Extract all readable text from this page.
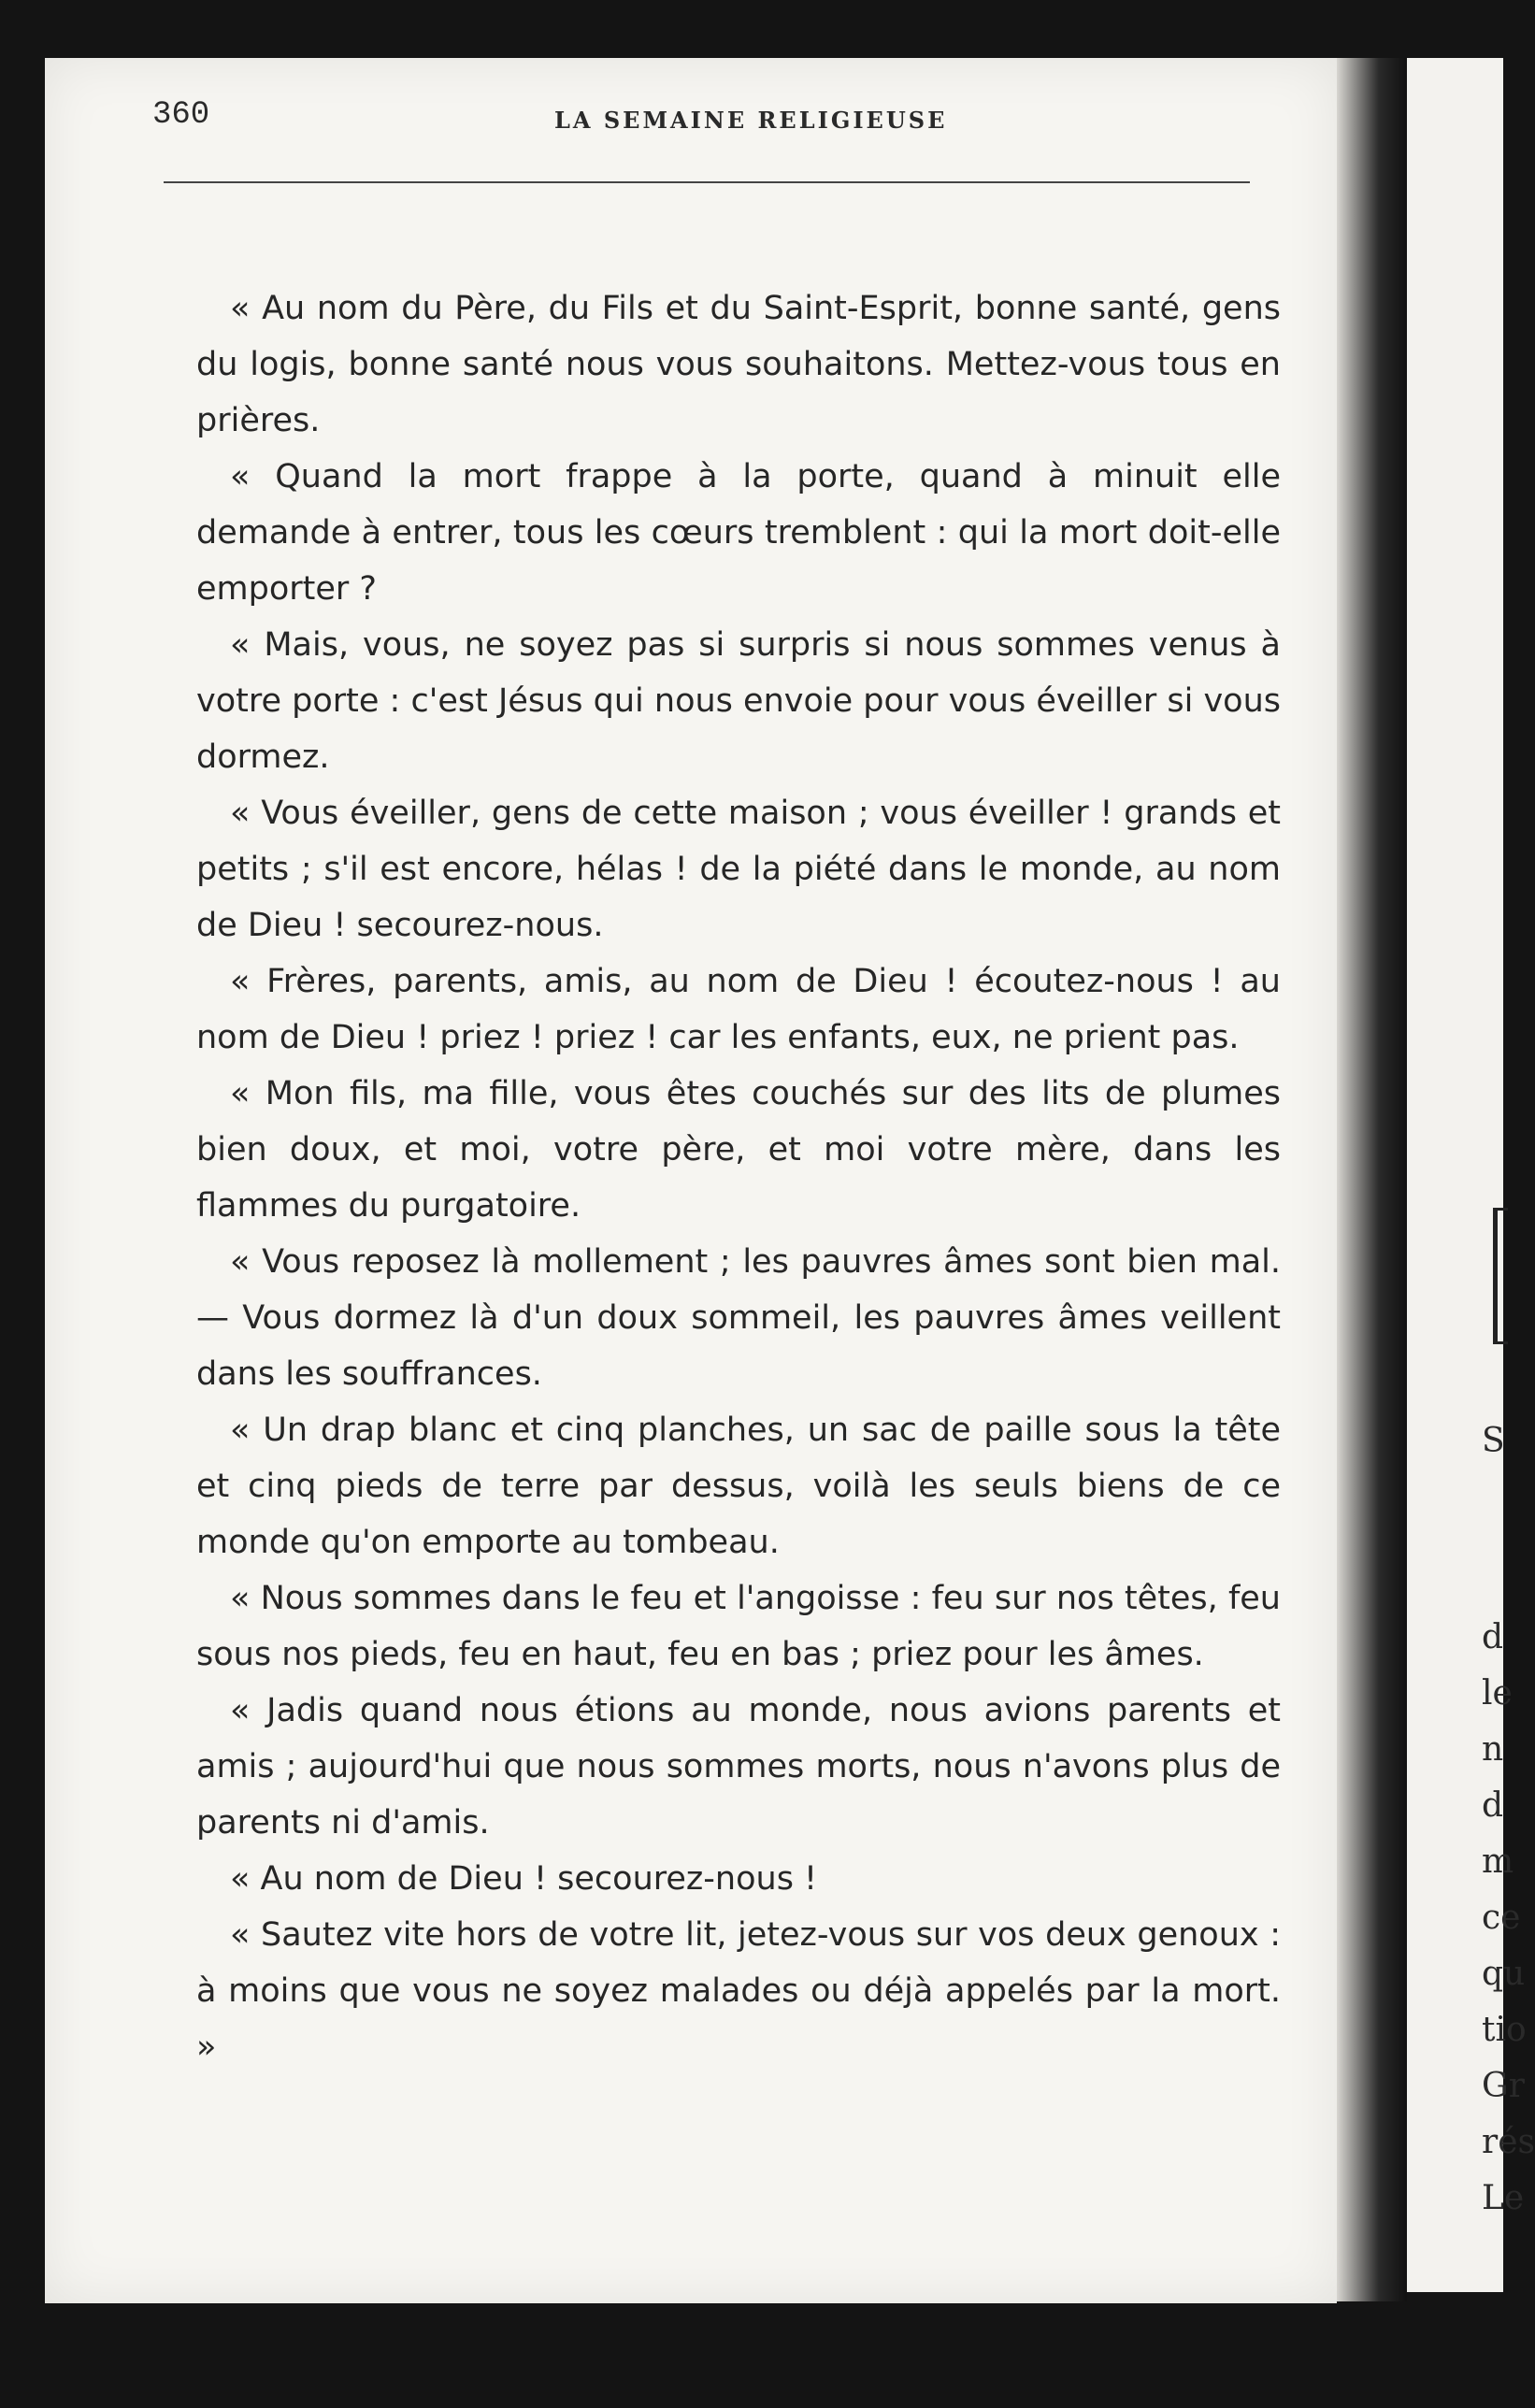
360	LA SEMAINE RELIGIEUSE

« Au nom du Père, du Fils et du Saint-Esprit, bonne santé, gens du logis, bonne santé nous vous souhaitons. Mettez-vous tous en prières.

« Quand la mort frappe à la porte, quand à minuit elle demande à entrer, tous les cœurs tremblent : qui la mort doit-elle emporter ?

« Mais, vous, ne soyez pas si surpris si nous sommes venus à votre porte : c'est Jésus qui nous envoie pour vous éveiller si vous dormez.

« Vous éveiller, gens de cette maison ; vous éveiller ! grands et petits ; s'il est encore, hélas ! de la piété dans le monde, au nom de Dieu ! secourez-nous.

« Frères, parents, amis, au nom de Dieu ! écoutez-nous ! au nom de Dieu ! priez ! priez ! car les enfants, eux, ne prient pas.

« Mon fils, ma fille, vous êtes couchés sur des lits de plumes bien doux, et moi, votre père, et moi votre mère, dans les flammes du purgatoire.

« Vous reposez là mollement ; les pauvres âmes sont bien mal. — Vous dormez là d'un doux sommeil, les pauvres âmes veillent dans les souffrances.

« Un drap blanc et cinq planches, un sac de paille sous la tête et cinq pieds de terre par dessus, voilà les seuls biens de ce monde qu'on emporte au tombeau.

« Nous sommes dans le feu et l'angoisse : feu sur nos têtes, feu sous nos pieds, feu en haut, feu en bas ; priez pour les âmes.

« Jadis quand nous étions au monde, nous avions parents et amis ; aujourd'hui que nous sommes morts, nous n'avons plus de parents ni d'amis.

« Au nom de Dieu ! secourez-nous !

« Sautez vite hors de votre lit, jetez-vous sur vos deux genoux : à moins que vous ne soyez malades ou déjà appelés par la mort. »

S
d
le
n
d
m
ce
qu
tio
Gr
rés
Le
